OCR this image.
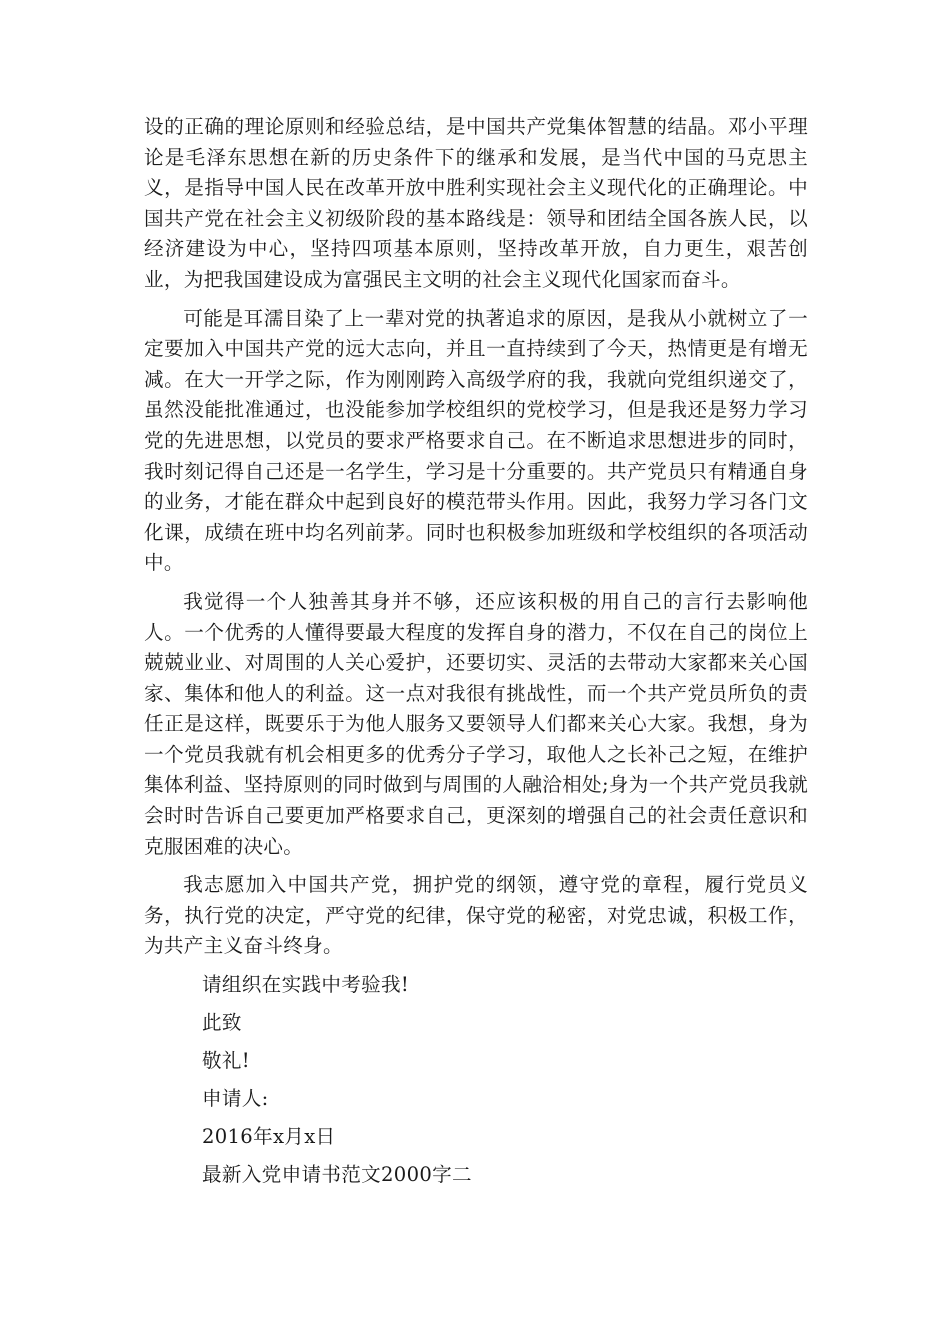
设的正确的理论原则和经验总结，是中国共产党集体智慧的结晶。邓小平理论是毛泽东思想在新的历史条件下的继承和发展，是当代中国的马克思主义，是指导中国人民在改革开放中胜利实现社会主义现代化的正确理论。中国共产党在社会主义初级阶段的基本路线是：领导和团结全国各族人民，以经济建设为中心，坚持四项基本原则，坚持改革开放，自力更生，艰苦创业，为把我国建设成为富强民主文明的社会主义现代化国家而奋斗。

可能是耳濡目染了上一辈对党的执著追求的原因，是我从小就树立了一定要加入中国共产党的远大志向，并且一直持续到了今天，热情更是有增无减。在大一开学之际，作为刚刚跨入高级学府的我，我就向党组织递交了，虽然没能批准通过，也没能参加学校组织的党校学习，但是我还是努力学习党的先进思想，以党员的要求严格要求自己。在不断追求思想进步的同时，我时刻记得自己还是一名学生，学习是十分重要的。共产党员只有精通自身的业务，才能在群众中起到良好的模范带头作用。因此，我努力学习各门文化课，成绩在班中均名列前茅。同时也积极参加班级和学校组织的各项活动中。

我觉得一个人独善其身并不够，还应该积极的用自己的言行去影响他人。一个优秀的人懂得要最大程度的发挥自身的潜力，不仅在自己的岗位上兢兢业业、对周围的人关心爱护，还要切实、灵活的去带动大家都来关心国家、集体和他人的利益。这一点对我很有挑战性，而一个共产党员所负的责任正是这样，既要乐于为他人服务又要领导人们都来关心大家。我想，身为一个党员我就有机会相更多的优秀分子学习，取他人之长补己之短，在维护集体利益、坚持原则的同时做到与周围的人融洽相处;身为一个共产党员我就会时时告诉自己要更加严格要求自己，更深刻的增强自己的社会责任意识和克服困难的决心。

我志愿加入中国共产党，拥护党的纲领，遵守党的章程，履行党员义务，执行党的决定，严守党的纪律，保守党的秘密，对党忠诚，积极工作，为共产主义奋斗终身。

请组织在实践中考验我!

此致

敬礼!

申请人:

2016年x月x日

最新入党申请书范文2000字二
